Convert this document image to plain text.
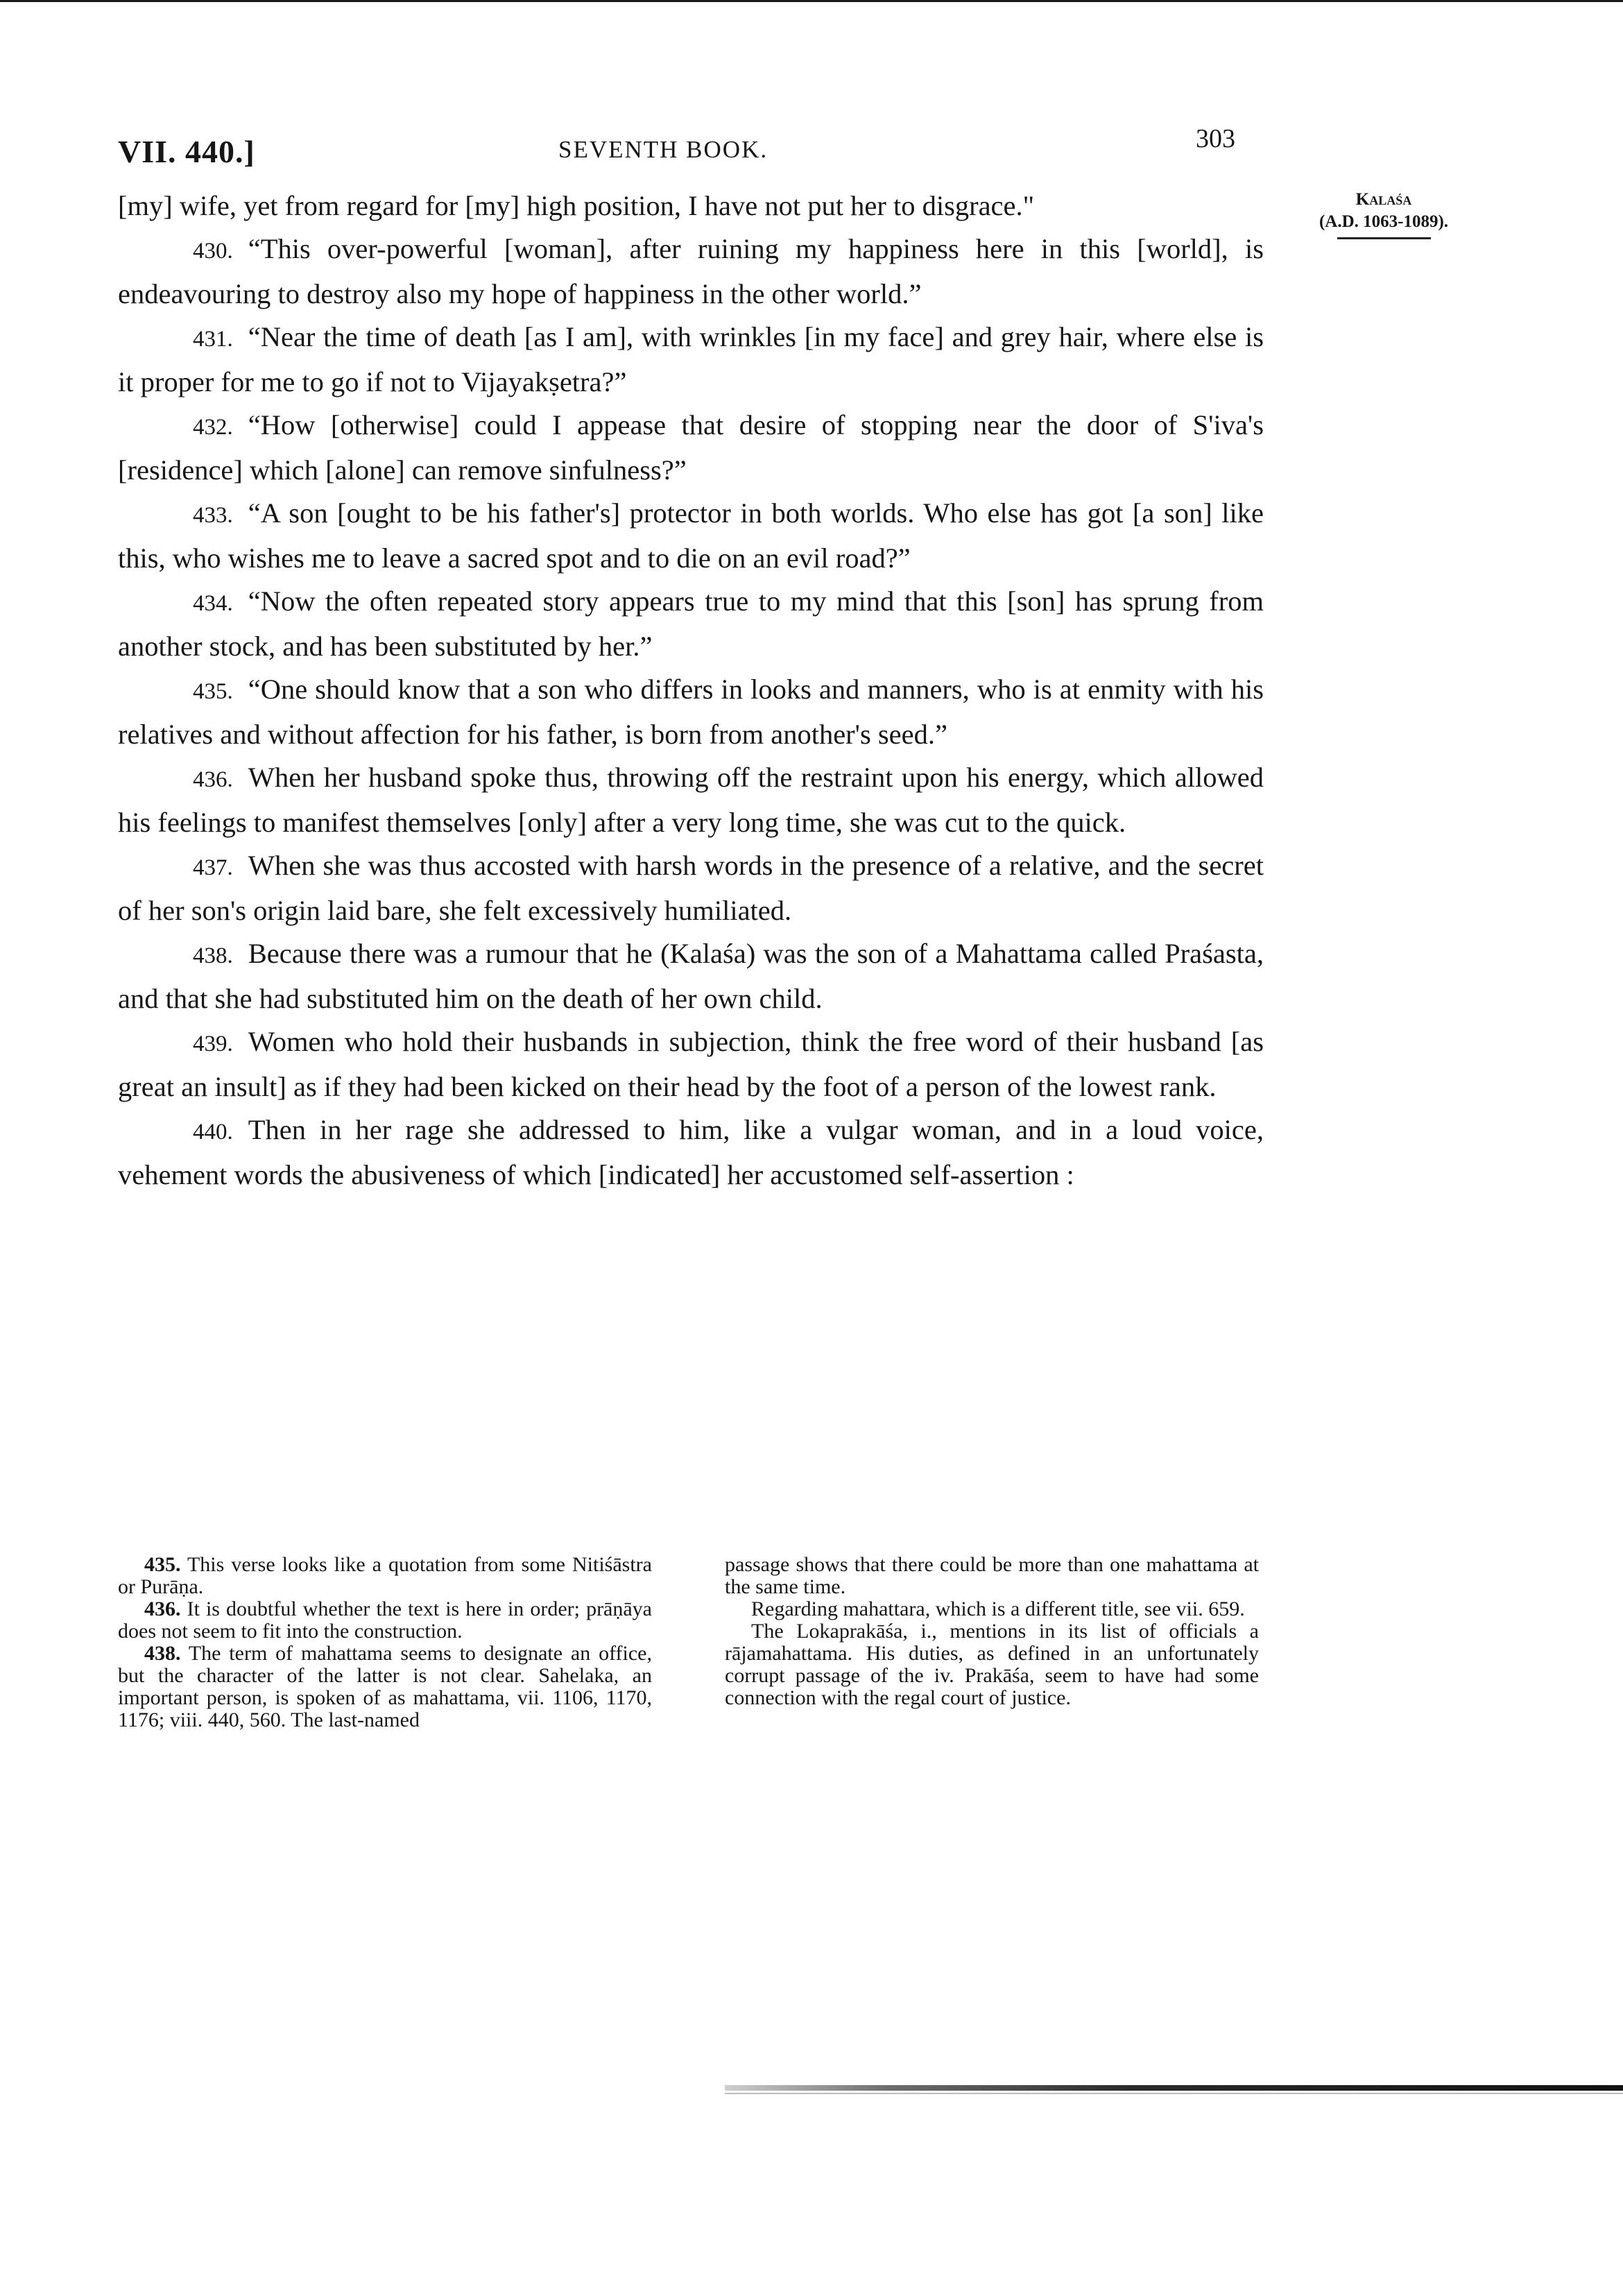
VII. 440.]	SEVENTH BOOK.	303
Kalaśa
(A.D. 1063-1089).

[my] wife, yet from regard for [my] high position, I have not put her to disgrace."

430. “This over-powerful [woman], after ruining my happiness here in this [world], is endeavouring to destroy also my hope of happiness in the other world.”

431. “Near the time of death [as I am], with wrinkles [in my face] and grey hair, where else is it proper for me to go if not to Vijayakṣetra?”

432. “How [otherwise] could I appease that desire of stopping near the door of S'iva's [residence] which [alone] can remove sinfulness?”

433. “A son [ought to be his father's] protector in both worlds. Who else has got [a son] like this, who wishes me to leave a sacred spot and to die on an evil road?”

434. “Now the often repeated story appears true to my mind that this [son] has sprung from another stock, and has been substituted by her.”

435. “One should know that a son who differs in looks and manners, who is at enmity with his relatives and without affection for his father, is born from another's seed.”

436. When her husband spoke thus, throwing off the restraint upon his energy, which allowed his feelings to manifest themselves [only] after a very long time, she was cut to the quick.

437. When she was thus accosted with harsh words in the presence of a relative, and the secret of her son's origin laid bare, she felt excessively humiliated.

438. Because there was a rumour that he (Kalaśa) was the son of a Mahattama called Praśasta, and that she had substituted him on the death of her own child.

439. Women who hold their husbands in subjection, think the free word of their husband [as great an insult] as if they had been kicked on their head by the foot of a person of the lowest rank.

440. Then in her rage she addressed to him, like a vulgar woman, and in a loud voice, vehement words the abusiveness of which [indicated] her accustomed self-assertion :

435. This verse looks like a quotation from some Nitiśāstra or Purāṇa.

436. It is doubtful whether the text is here in order; prāṇāya does not seem to fit into the construction.

438. The term of mahattama seems to designate an office, but the character of the latter is not clear. Sahelaka, an important person, is spoken of as mahattama, vii. 1106, 1170, 1176; viii. 440, 560. The last-named

passage shows that there could be more than one mahattama at the same time.

Regarding mahattara, which is a different title, see vii. 659.

The Lokaprakāśa, i., mentions in its list of officials a rājamahattama. His duties, as defined in an unfortunately corrupt passage of the iv. Prakāśa, seem to have had some connection with the regal court of justice.
